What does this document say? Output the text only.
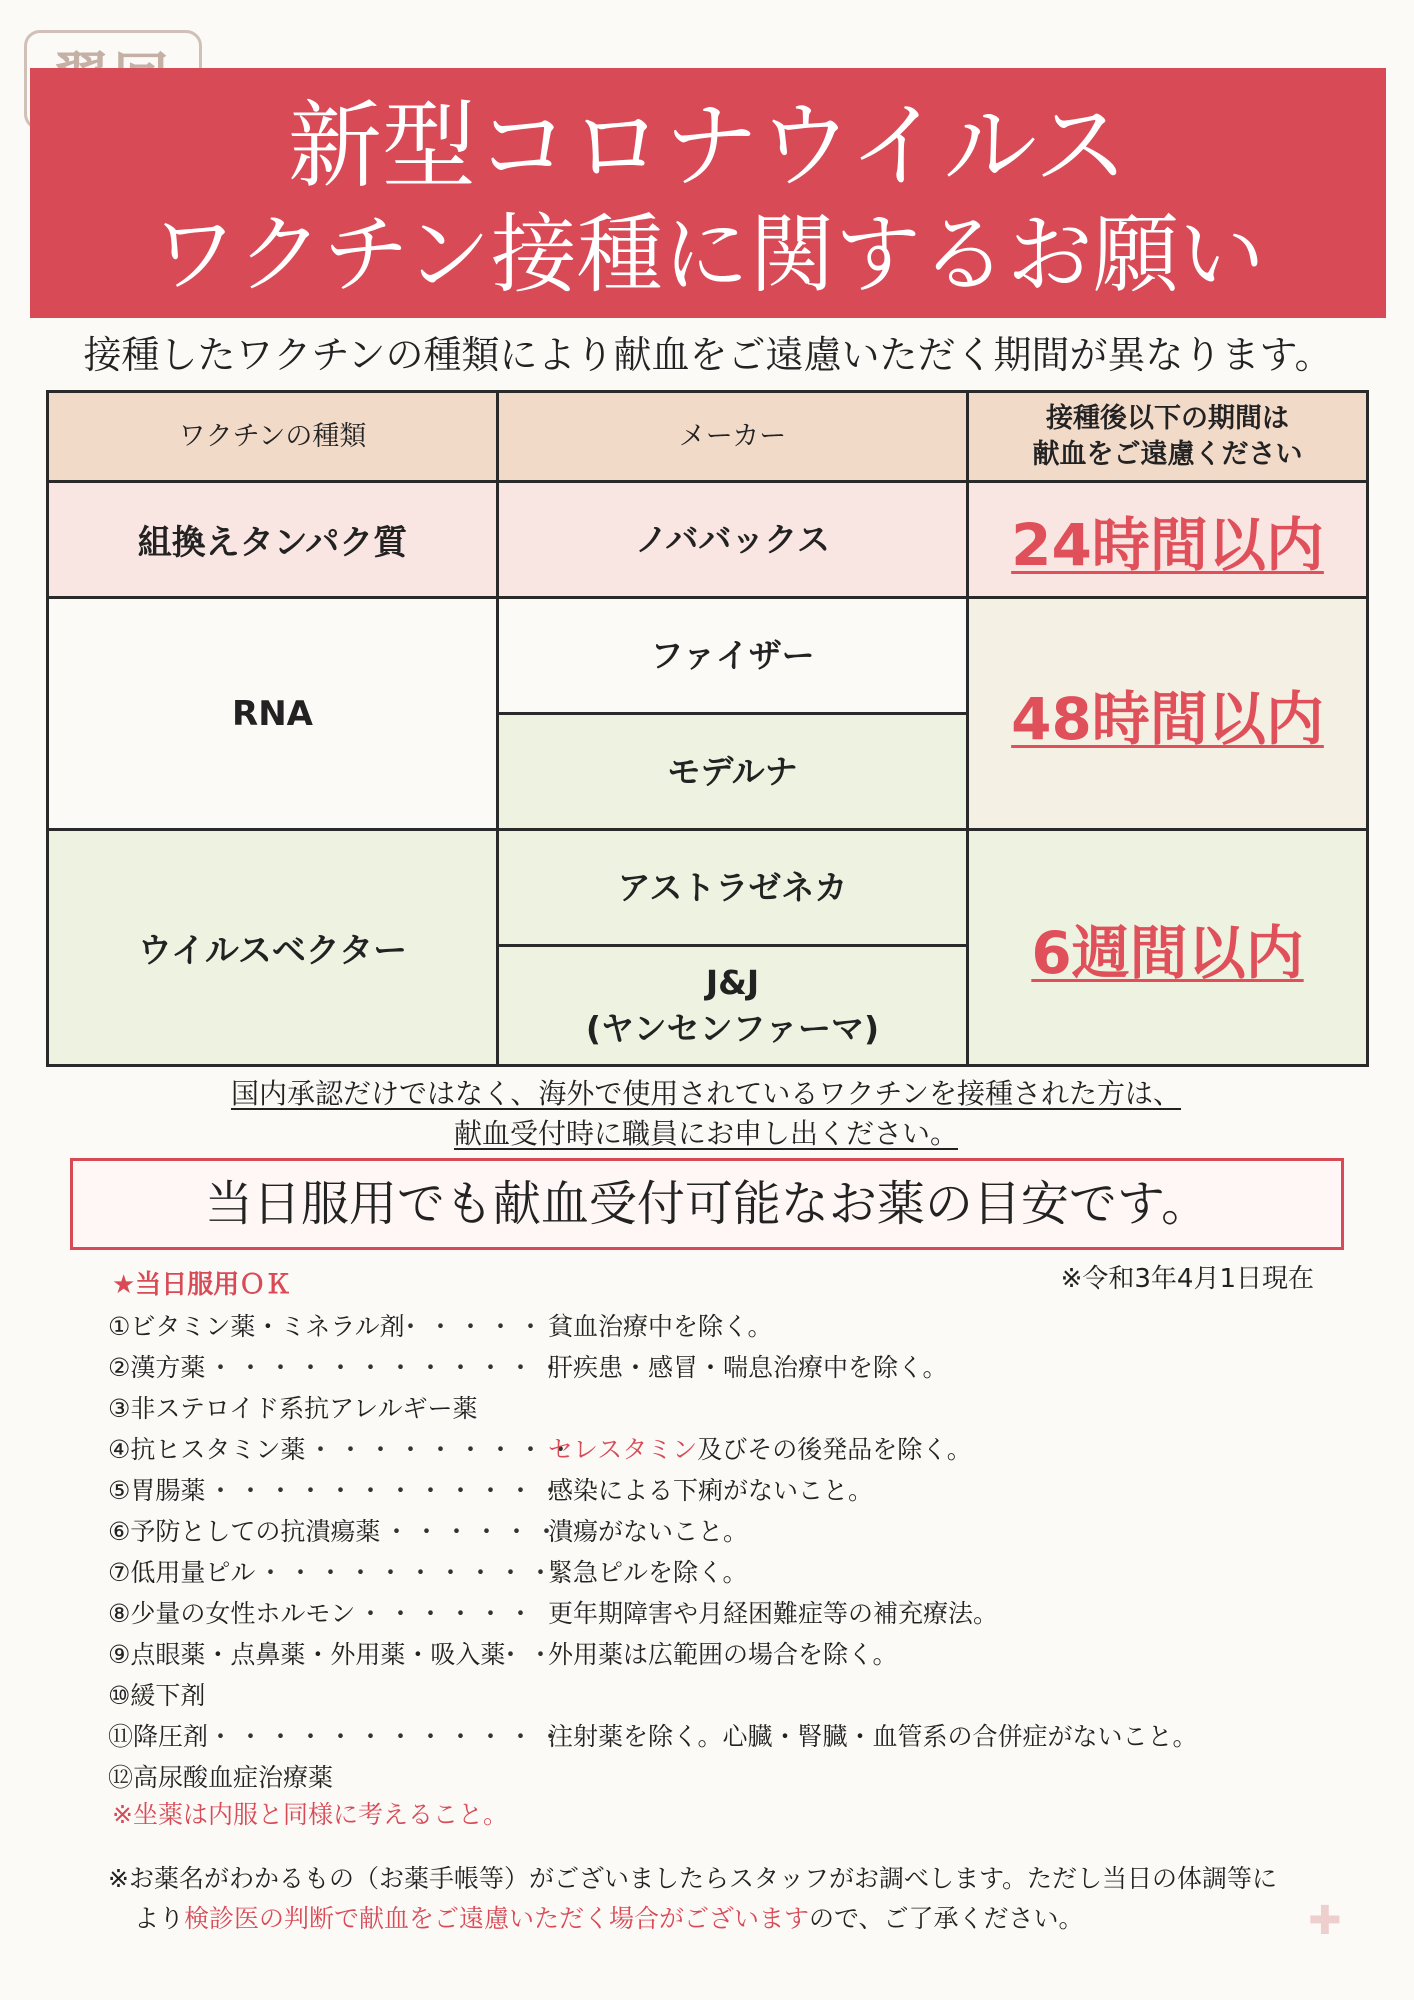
新型コロナウイルス
ワクチン接種に関するお願い
接種したワクチンの種類により献血をご遠慮いただく期間が異なります。
ワクチンの種類	メーカー	接種後以下の期間は
献血をご遠慮ください

組換えタンパク質	ノババックス	24時間以内
RNA	ファイザー	48時間以内
	モデルナ	
ウイルスベクター	アストラゼネカ	6週間以内

	J&J
(ヤンセンファーマ)	
国内承認だけではなく、海外で使用されているワクチンを接種された方は、
献血受付時に職員にお申し出ください。
当日服用でも献血受付可能なお薬の目安です。
★当日服用ＯＫ	※令和3年4月1日現在
①ビタミン薬・ミネラル剤
・・・・・ 貧血治療中を除く。
②漢方薬 ・・・・・・・・・・・・
肝疾患・感冒・喘息治療中を除く。
③非ステロイド系抗アレルギー薬
④抗ヒスタミン薬 ・・・・・・・・・
セレスタミン及びその後発品を除く。
⑤胃腸薬 ・・・・・・・・・・・・
感染による下痢がないこと。
⑥予防としての抗潰瘍薬 ・・・・・・
潰瘍がないこと。
⑦低用量ピル ・・・・・・・・・・
緊急ピルを除く。
⑧少量の女性ホルモン ・・・・・・ 更年期障害や月経困難症等の補充療法。
⑨点眼薬・点鼻薬・外用薬・吸入薬
・・
外用薬は広範囲の場合を除く。
⑩緩下剤
⑪降圧剤 ・・・・・・・・・・・・
注射薬を除く。心臓・腎臓・血管系の合併症がないこと。
⑫高尿酸血症治療薬
※坐薬は内服と同様に考えること。
※お薬名がわかるもの（お薬手帳等）がございましたらスタッフがお調べします。ただし当日の体調等に
より検診医の判断で献血をご遠慮いただく場合がございますので、ご了承ください。	✚
